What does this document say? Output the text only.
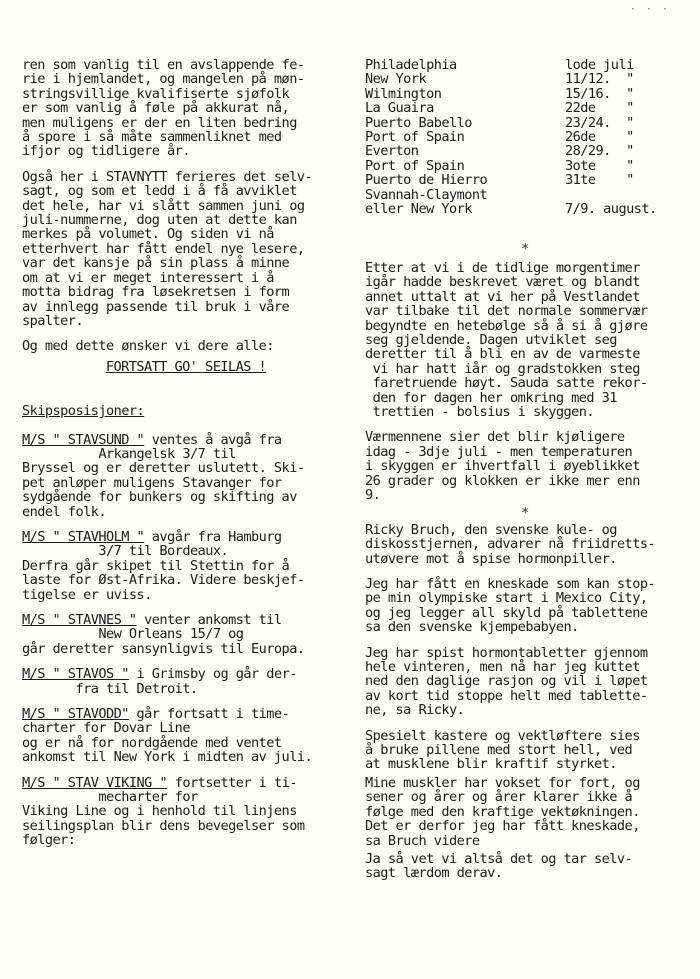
· · ·
ren som vanlig til en avslappende fe-
rie i hjemlandet, og mangelen på møn-
stringsvillige kvalifiserte sjøfolk
er som vanlig å føle på akkurat nå,
men muligens er der en liten bedring
å spore i så måte sammenliknet med
ifjor og tidligere år.
Også her i STAVNYTT ferieres det selv-
sagt, og som et ledd i å få avviklet
det hele, har vi slått sammen juni og
juli-nummerne, dog uten at dette kan
merkes på volumet. Og siden vi nå
etterhvert har fått endel nye lesere,
var det kansje på sin plass å minne
om at vi er meget interessert i å
motta bidrag fra løsekretsen i form
av innlegg passende til bruk i våre
spalter.
Og med dette ønsker vi dere alle:
FORTSATT GO' SEILAS !
Skipsposisjoner:
M/S " STAVSUND " ventes å avgå fra
Arkangelsk 3/7 til
Bryssel og er deretter uslutett. Ski-
pet anløper muligens Stavanger for
sydgående for bunkers og skifting av
endel folk.
M/S " STAVHOLM " avgår fra Hamburg
3/7 til Bordeaux.
Derfra går skipet til Stettin for å
laste for Øst-Afrika. Videre beskjef-
tigelse er uviss.
M/S " STAVNES " venter ankomst til
New Orleans 15/7 og
går deretter sansynligvis til Europa.
M/S " STAVOS " i Grimsby og går der-
fra til Detroit.
M/S " STAVODD" går fortsatt i time-
charter for Dovar Line
og er nå for nordgående med ventet
ankomst til New York i midten av juli.
M/S " STAV VIKING " fortsetter i ti-
mecharter for
Viking Line og i henhold til linjens
seilingsplan blir dens bevegelser som
følger:
Philadelphia	lode juli
New York	11/12.  "
Wilmington	15/16.  "
La Guaira	22de    "
Puerto Babello	23/24.  "
Port of Spain	26de    "
Everton	28/29.  "
Port of Spain	3ote    "
Puerto de Hierro	31te    "
Svannah-Claymont
eller New York	7/9. august.
*
Etter at vi i de tidlige morgentimer
igår hadde beskrevet været og blandt
annet uttalt at vi her på Vestlandet
var tilbake til det normale sommervær
begyndte en hetebølge så å si å gjøre
seg gjeldende. Dagen utviklet seg
deretter til å bli en av de varmeste
vi har hatt iår og gradstokken steg
faretruende høyt. Sauda satte rekor-
den for dagen her omkring med 31
trettien - bolsius i skyggen.
Værmennene sier det blir kjøligere
idag - 3dje juli - men temperaturen
i skyggen er ihvertfall i øyeblikket
26 grader og klokken er ikke mer enn
9.
*
Ricky Bruch, den svenske kule- og
diskosstjernen, advarer nå friidretts-
utøvere mot å spise hormonpiller.
Jeg har fått en kneskade som kan stop-
pe min olympiske start i Mexico City,
og jeg legger all skyld på tablettene
sa den svenske kjempebabyen.
Jeg har spist hormontabletter gjennom
hele vinteren, men nå har jeg kuttet
ned den daglige rasjon og vil i løpet
av kort tid stoppe helt med tablette-
ne, sa Ricky.
Spesielt kastere og vektløftere sies
å bruke pillene med stort hell, ved
at musklene blir kraftif styrket.
Mine muskler har vokset for fort, og
sener og årer og årer klarer ikke å
følge med den kraftige vektøkningen.
Det er derfor jeg har fått kneskade,
sa Bruch videre
Ja så vet vi altså det og tar selv-
sagt lærdom derav.
